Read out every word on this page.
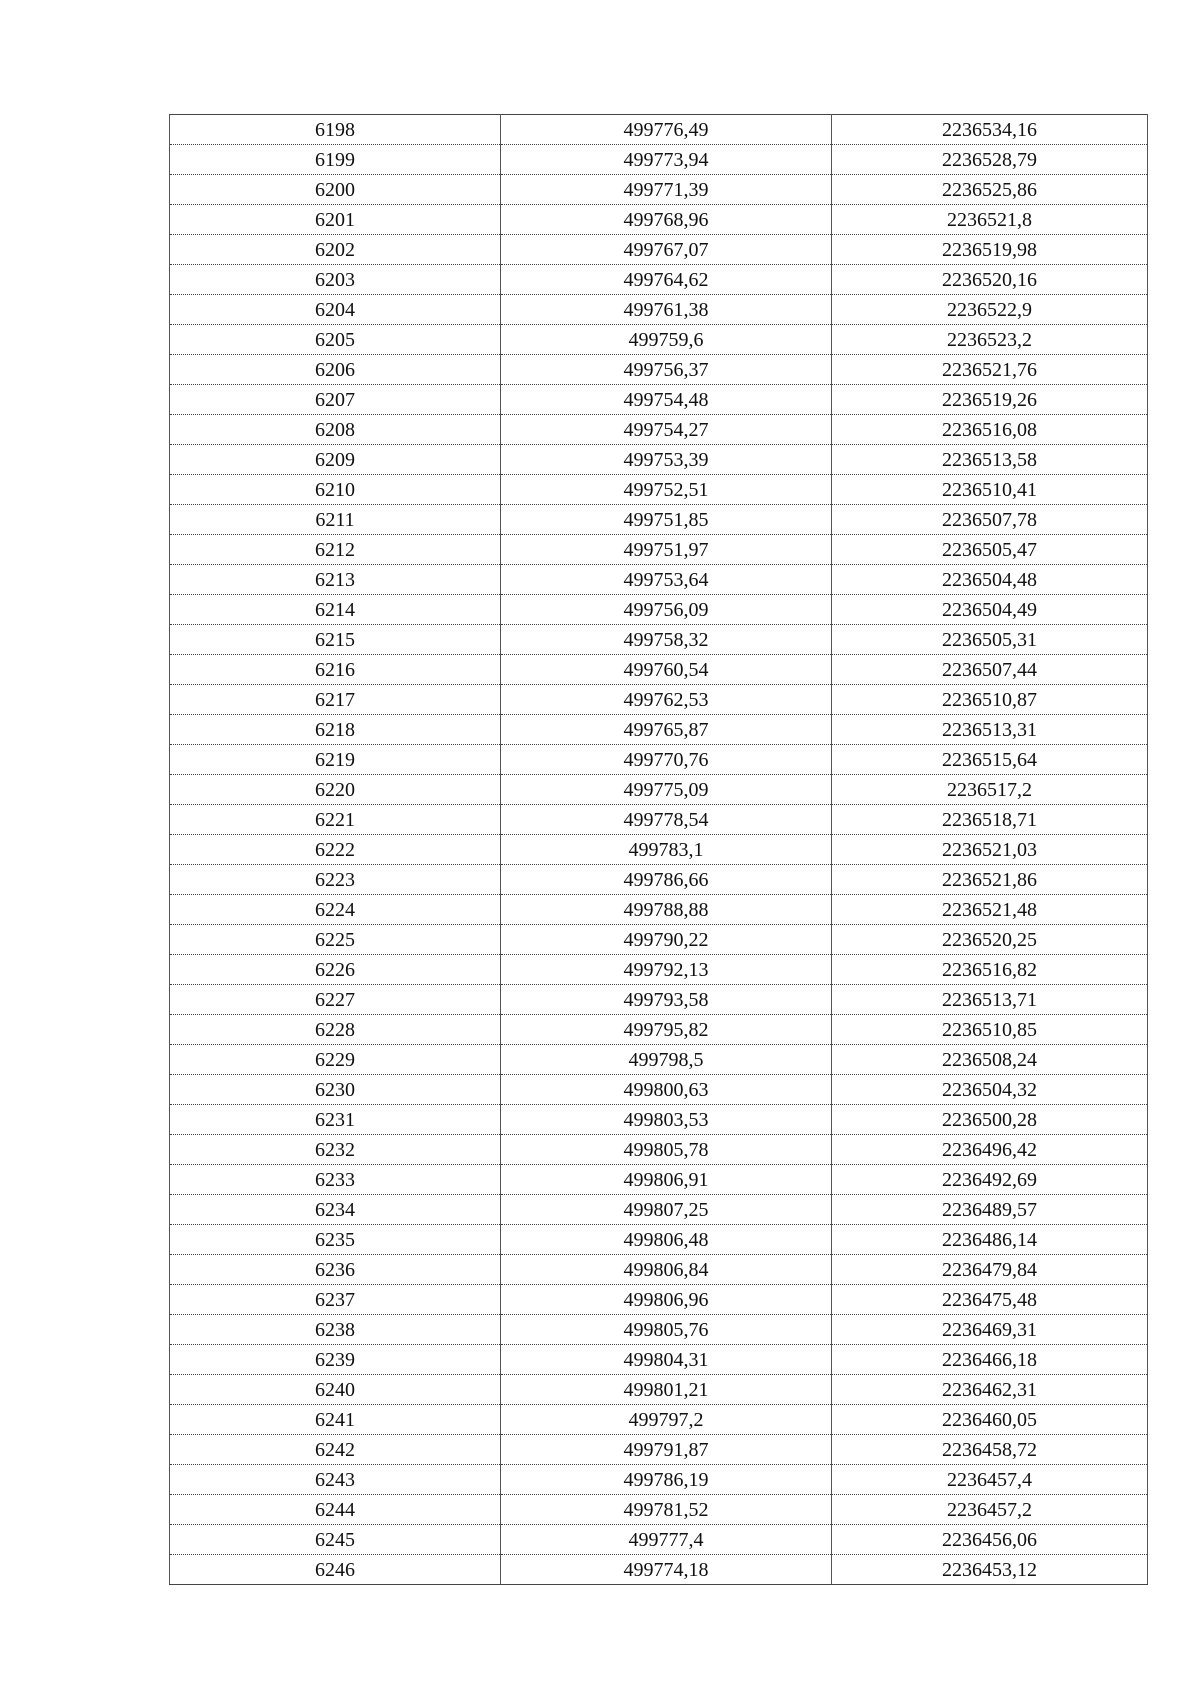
6198	499776,49	2236534,16
6199	499773,94	2236528,79
6200	499771,39	2236525,86
6201	499768,96	2236521,8
6202	499767,07	2236519,98
6203	499764,62	2236520,16
6204	499761,38	2236522,9
6205	499759,6	2236523,2
6206	499756,37	2236521,76
6207	499754,48	2236519,26
6208	499754,27	2236516,08
6209	499753,39	2236513,58
6210	499752,51	2236510,41
6211	499751,85	2236507,78
6212	499751,97	2236505,47
6213	499753,64	2236504,48
6214	499756,09	2236504,49
6215	499758,32	2236505,31
6216	499760,54	2236507,44
6217	499762,53	2236510,87
6218	499765,87	2236513,31
6219	499770,76	2236515,64
6220	499775,09	2236517,2
6221	499778,54	2236518,71
6222	499783,1	2236521,03
6223	499786,66	2236521,86
6224	499788,88	2236521,48
6225	499790,22	2236520,25
6226	499792,13	2236516,82
6227	499793,58	2236513,71
6228	499795,82	2236510,85
6229	499798,5	2236508,24
6230	499800,63	2236504,32
6231	499803,53	2236500,28
6232	499805,78	2236496,42
6233	499806,91	2236492,69
6234	499807,25	2236489,57
6235	499806,48	2236486,14
6236	499806,84	2236479,84
6237	499806,96	2236475,48
6238	499805,76	2236469,31
6239	499804,31	2236466,18
6240	499801,21	2236462,31
6241	499797,2	2236460,05
6242	499791,87	2236458,72
6243	499786,19	2236457,4
6244	499781,52	2236457,2
6245	499777,4	2236456,06
6246	499774,18	2236453,12
